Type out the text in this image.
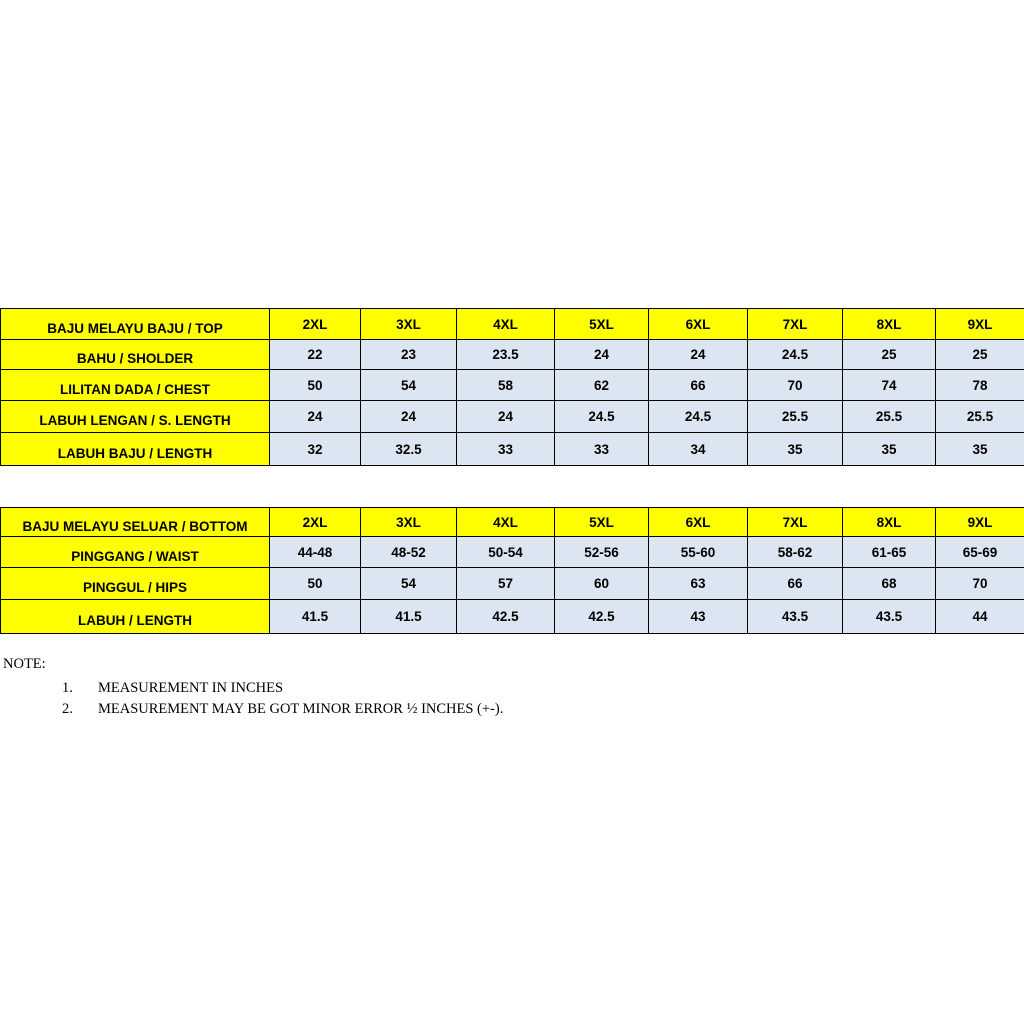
BAJU MELAYU BAJU / TOP	2XL	3XL	4XL	5XL	6XL	7XL	8XL	9XL
BAHU / SHOLDER	22	23	23.5	24	24	24.5	25	25
LILITAN DADA / CHEST	50	54	58	62	66	70	74	78
LABUH LENGAN / S. LENGTH	24	24	24	24.5	24.5	25.5	25.5	25.5
LABUH BAJU / LENGTH	32	32.5	33	33	34	35	35	35
BAJU MELAYU SELUAR / BOTTOM	2XL	3XL	4XL	5XL	6XL	7XL	8XL	9XL
PINGGANG / WAIST	44-48	48-52	50-54	52-56	55-60	58-62	61-65	65-69
PINGGUL / HIPS	50	54	57	60	63	66	68	70
LABUH / LENGTH	41.5	41.5	42.5	42.5	43	43.5	43.5	44
NOTE:
1. MEASUREMENT IN INCHES
2. MEASUREMENT MAY BE GOT MINOR ERROR ½ INCHES (+-).
